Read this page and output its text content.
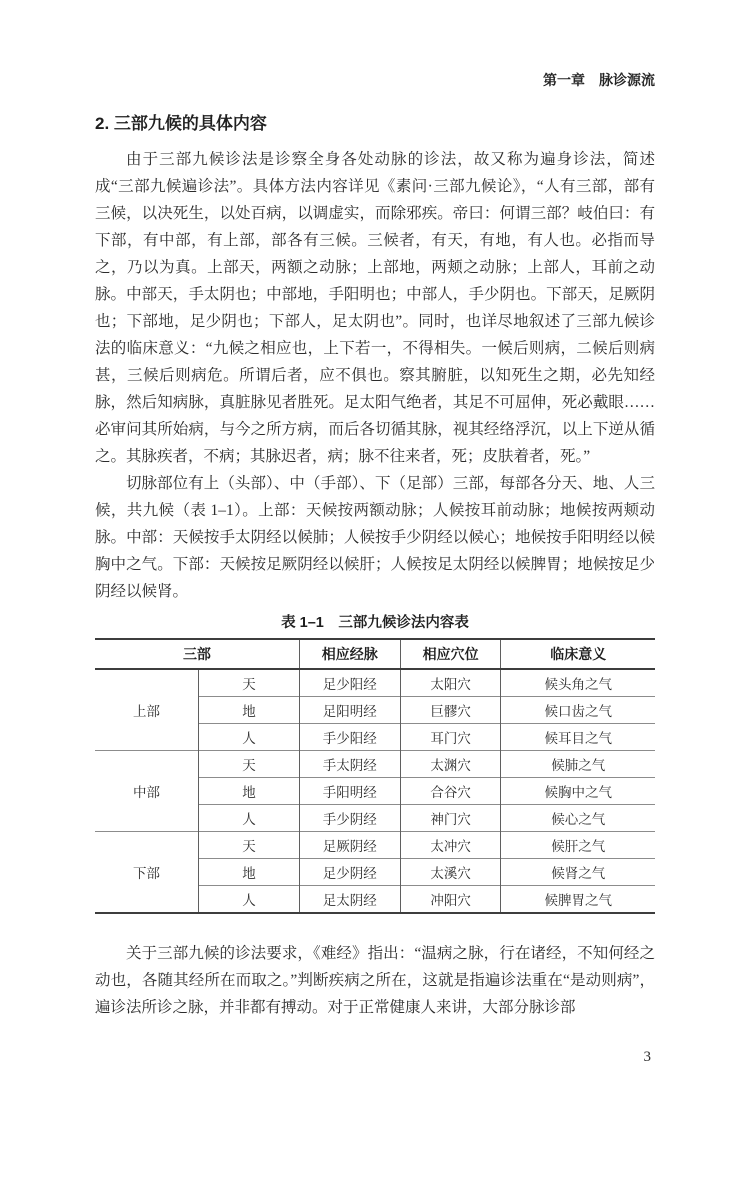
第一章　脉诊源流
2. 三部九候的具体内容

由于三部九候诊法是诊察全身各处动脉的诊法，故又称为遍身诊法，简述成“三部九候遍诊法”。具体方法内容详见《素问·三部九候论》，“人有三部，部有三候，以决死生，以处百病，以调虚实，而除邪疾。帝曰：何谓三部？岐伯曰：有下部，有中部，有上部，部各有三候。三候者，有天，有地，有人也。必指而导之，乃以为真。上部天，两额之动脉；上部地，两颊之动脉；上部人，耳前之动脉。中部天，手太阴也；中部地，手阳明也；中部人，手少阴也。下部天，足厥阴也；下部地，足少阴也；下部人，足太阴也”。同时，也详尽地叙述了三部九候诊法的临床意义：“九候之相应也，上下若一，不得相失。一候后则病，二候后则病甚，三候后则病危。所谓后者，应不俱也。察其腑脏，以知死生之期，必先知经脉，然后知病脉，真脏脉见者胜死。足太阳气绝者，其足不可屈伸，死必戴眼……必审问其所始病，与今之所方病，而后各切循其脉，视其经络浮沉，以上下逆从循之。其脉疾者，不病；其脉迟者，病；脉不往来者，死；皮肤着者，死。”

切脉部位有上（头部）、中（手部）、下（足部）三部，每部各分天、地、人三候，共九候（表 1–1）。上部：天候按两额动脉；人候按耳前动脉；地候按两颊动脉。中部：天候按手太阴经以候肺；人候按手少阴经以候心；地候按手阳明经以候胸中之气。下部：天候按足厥阴经以候肝；人候按足太阴经以候脾胃；地候按足少阴经以候肾。

表 1–1　三部九候诊法内容表
三部		相应经脉	相应穴位	临床意义
上部	天	足少阳经	太阳穴	候头角之气
	地	足阳明经	巨髎穴	候口齿之气
	人	手少阳经	耳门穴	候耳目之气
中部	天	手太阴经	太渊穴	候肺之气
	地	手阳明经	合谷穴	候胸中之气
	人	手少阴经	神门穴	候心之气
下部	天	足厥阴经	太冲穴	候肝之气
	地	足少阴经	太溪穴	候肾之气
	人	足太阴经	冲阳穴	候脾胃之气

关于三部九候的诊法要求，《难经》指出：“温病之脉，行在诸经，不知何经之动也，各随其经所在而取之。”判断疾病之所在，这就是指遍诊法重在“是动则病”，遍诊法所诊之脉，并非都有搏动。对于正常健康人来讲，大部分脉诊部

3
